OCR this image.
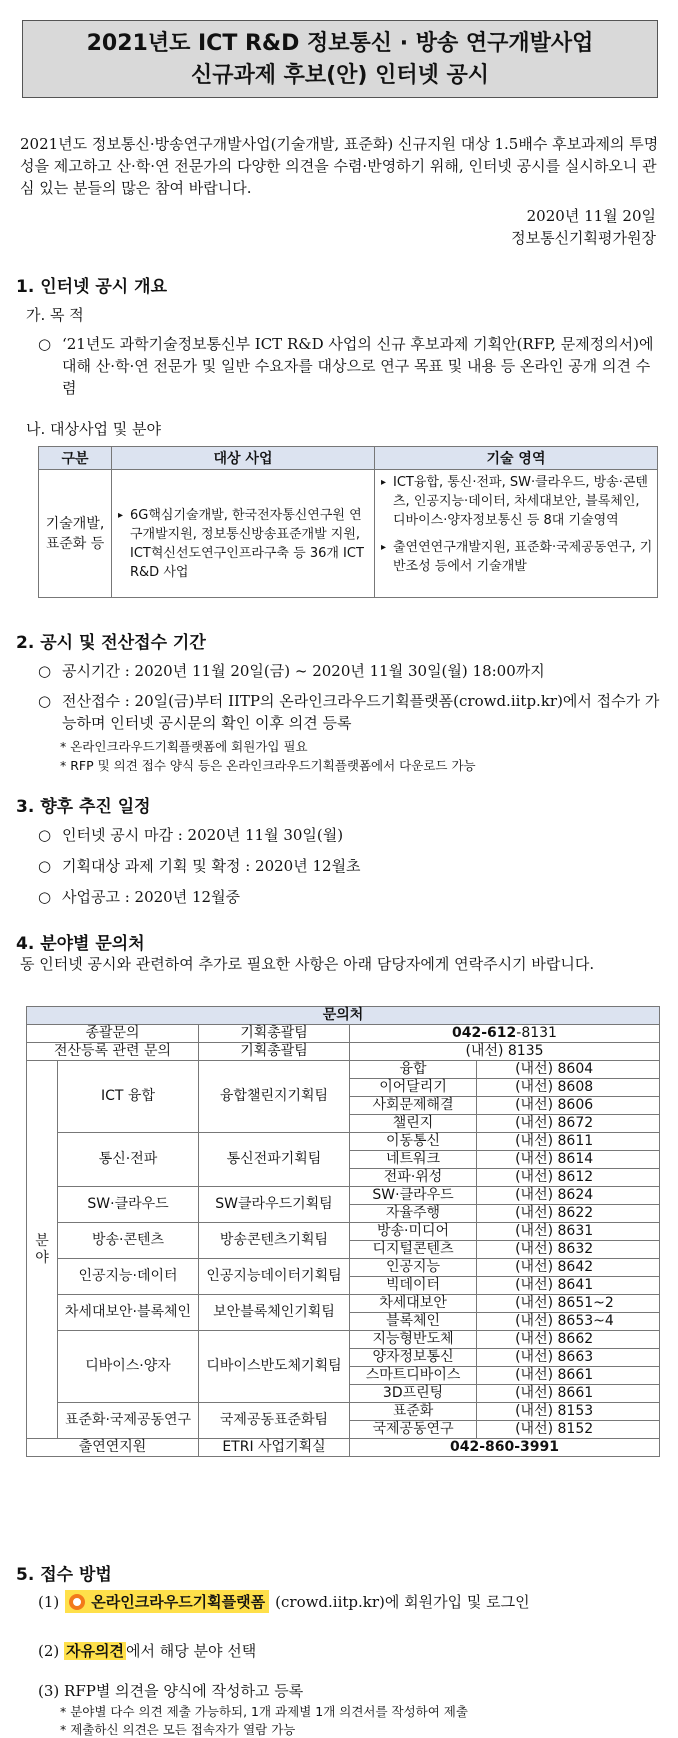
2021년도 ICT R&D 정보통신 · 방송 연구개발사업
신규과제 후보(안) 인터넷 공시
2021년도 정보통신·방송연구개발사업(기술개발, 표준화) 신규지원 대상 1.5배수 후보과제의 투명성을 제고하고 산·학·연 전문가의 다양한 의견을 수렴·반영하기 위해, 인터넷 공시를 실시하오니 관심 있는 분들의 많은 참여 바랍니다.
2020년 11월 20일
정보통신기획평가원장
1. 인터넷 공시 개요
가. 목 적
○ ‘21년도 과학기술정보통신부 ICT R&D 사업의 신규 후보과제 기획안(RFP, 문제정의서)에 대해 산·학·연 전문가 및 일반 수요자를 대상으로 연구 목표 및 내용 등 온라인 공개 의견 수렴
나. 대상사업 및 분야
구분	대상 사업	기술 영역
기술개발, 표준화 등	▸ 6G핵심기술개발, 한국전자통신연구원 연구개발지원, 정보통신방송표준개발 지원, ICT혁신선도연구인프라구축 등 36개 ICT R&D 사업	▸ ICT융합, 통신·전파, SW·클라우드, 방송·콘텐츠, 인공지능·데이터, 차세대보안, 블록체인, 디바이스·양자정보통신 등 8대 기술영역
▸ 출연연연구개발지원, 표준화·국제공동연구, 기반조성 등에서 기술개발
2. 공시 및 전산접수 기간
○ 공시기간 : 2020년 11월 20일(금) ~ 2020년 11월 30일(월) 18:00까지
○ 전산접수 : 20일(금)부터 IITP의 온라인크라우드기획플랫폼(crowd.iitp.kr)에서 접수가 가능하며 인터넷 공시문의 확인 이후 의견 등록
* 온라인크라우드기획플랫폼에 회원가입 필요
* RFP 및 의견 접수 양식 등은 온라인크라우드기획플랫폼에서 다운로드 가능
3. 향후 추진 일정
○ 인터넷 공시 마감 : 2020년 11월 30일(월)
○ 기획대상 과제 기획 및 확정 : 2020년 12월초
○ 사업공고 : 2020년 12월중
4. 분야별 문의처
동 인터넷 공시와 관련하여 추가로 필요한 사항은 아래 담당자에게 연락주시기 바랍니다.
문의처				
종괄문의		기획총괄팀	042-612-8131	
전산등록 관련 문의		기획총괄팀	(내선) 8135	
분
야	ICT 융합	융합챌린지기획팀	융합	(내선) 8604
			이어달리기	(내선) 8608
			사회문제해결	(내선) 8606
			챌린지	(내선) 8672
	통신·전파	통신전파기획팀	이동통신	(내선) 8611
			네트워크	(내선) 8614
			전파·위성	(내선) 8612
	SW·클라우드	SW클라우드기획팀	SW·클라우드	(내선) 8624
			자율주행	(내선) 8622
	방송·콘텐츠	방송콘텐츠기획팀	방송·미디어	(내선) 8631
			디지털콘텐츠	(내선) 8632
	인공지능·데이터	인공지능데이터기획팀	인공지능	(내선) 8642
			빅데이터	(내선) 8641
	차세대보안·블록체인	보안블록체인기획팀	차세대보안	(내선) 8651~2
			블록체인	(내선) 8653~4
	디바이스·양자	디바이스반도체기획팀	지능형반도체	(내선) 8662
			양자정보통신	(내선) 8663
			스마트디바이스	(내선) 8661
			3D프린팅	(내선) 8661
	표준화·국제공동연구	국제공동표준화팀	표준화	(내선) 8153
			국제공동연구	(내선) 8152
출연연지원		ETRI 사업기획실	042-860-3991	
5. 접수 방법
(1) 온라인크라우드기획플랫폼 (crowd.iitp.kr)에 회원가입 및 로그인
(2) 자유의견 에서 해당 분야 선택
(3) RFP별 의견을 양식에 작성하고 등록
* 분야별 다수 의견 제출 가능하되, 1개 과제별 1개 의견서를 작성하여 제출
* 제출하신 의견은 모든 접속자가 열람 가능
